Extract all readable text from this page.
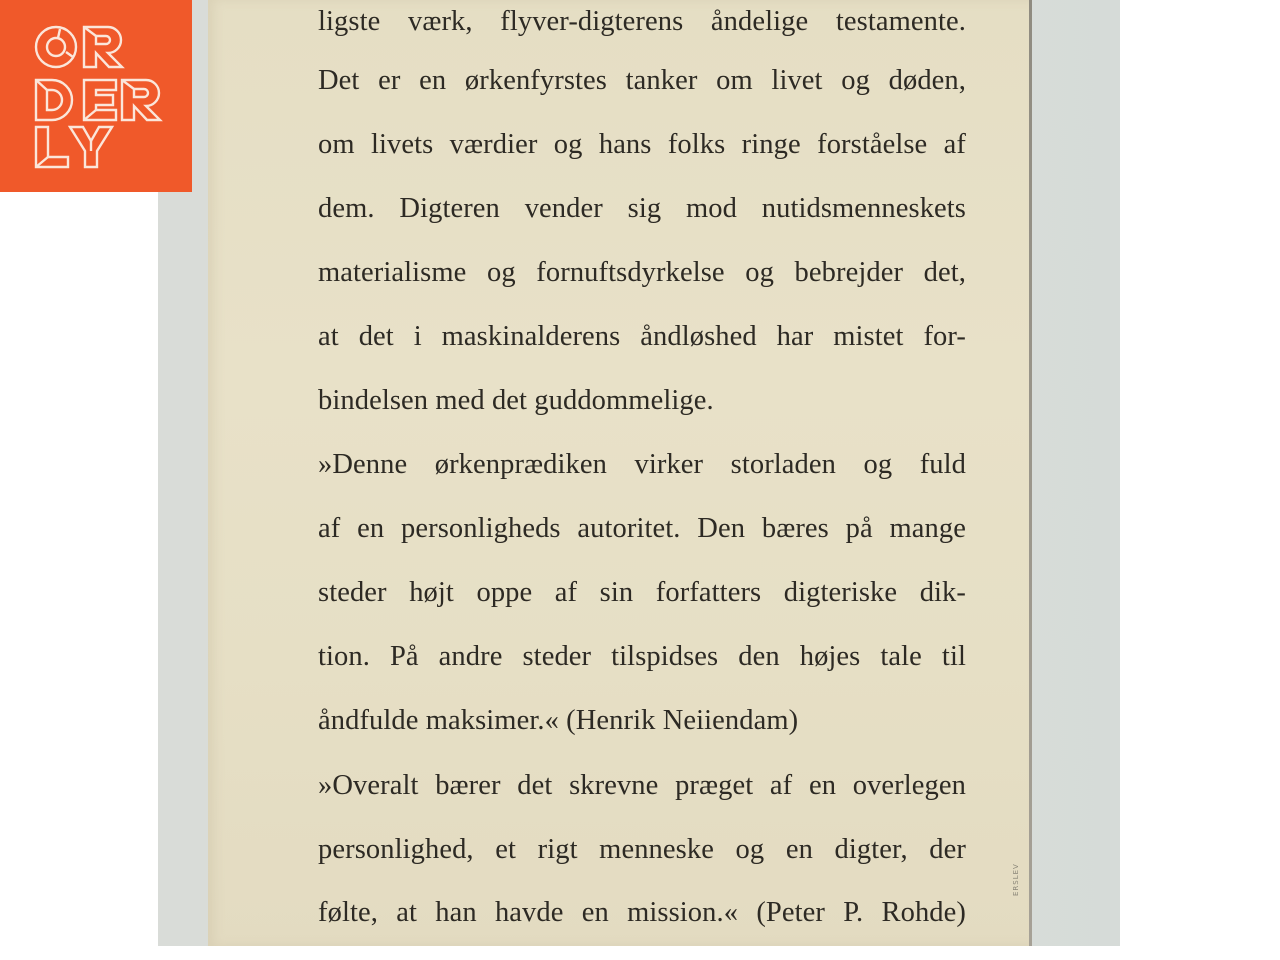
ligste værk, flyver-digterens åndelige testamente.
Det er en ørkenfyrstes tanker om livet og døden,
om livets værdier og hans folks ringe forståelse af
dem. Digteren vender sig mod nutidsmenneskets
materialisme og fornuftsdyrkelse og bebrejder det,
at det i maskinalderens åndløshed har mistet for-
bindelsen med det guddommelige.
»Denne ørkenprædiken virker storladen og fuld
af en personligheds autoritet. Den bæres på mange
steder højt oppe af sin forfatters digteriske dik-
tion. På andre steder tilspidses den højes tale til
åndfulde maksimer.« (Henrik Neiiendam)
»Overalt bærer det skrevne præget af en overlegen
personlighed, et rigt menneske og en digter, der
følte, at han havde en mission.« (Peter P. Rohde)
ERSLEV
